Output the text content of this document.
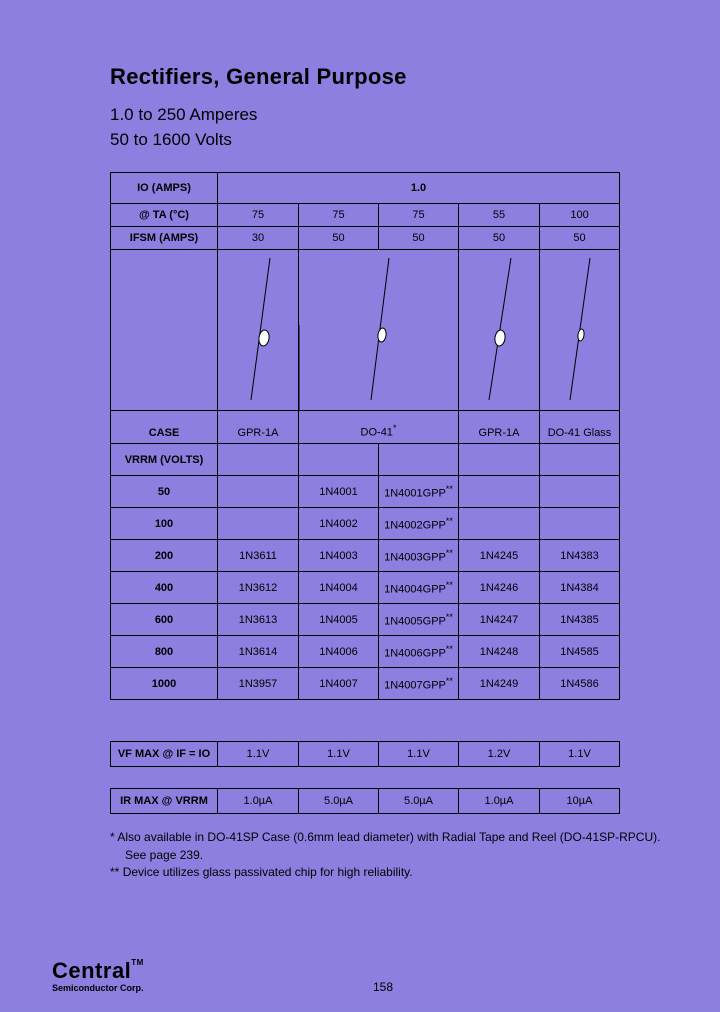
Rectifiers, General Purpose
1.0 to 250 Amperes
50 to 1600 Volts
IO (AMPS)	1.0				
@ TA (°C)	75	75	75	55	100
IFSM (AMPS)	30	50	50	50	50

CASE	GPR-1A	DO-41*		GPR-1A	DO-41 Glass
VRRM (VOLTS)					
50		1N4001	1N4001GPP**		
100		1N4002	1N4002GPP**		
200	1N3611	1N4003	1N4003GPP**	1N4245	1N4383
400	1N3612	1N4004	1N4004GPP**	1N4246	1N4384
600	1N3613	1N4005	1N4005GPP**	1N4247	1N4385
800	1N3614	1N4006	1N4006GPP**	1N4248	1N4585
1000	1N3957	1N4007	1N4007GPP**	1N4249	1N4586
VF MAX @ IF = IO	1.1V	1.1V	1.1V	1.2V	1.1V
IR MAX @ VRRM	1.0µA	5.0µA	5.0µA	1.0µA	10µA
* Also available in DO-41SP Case (0.6mm lead diameter) with Radial Tape and Reel (DO-41SP-RPCU).
See page 239.
** Device utilizes glass passivated chip for high reliability.
Central™
Semiconductor Corp.	158
